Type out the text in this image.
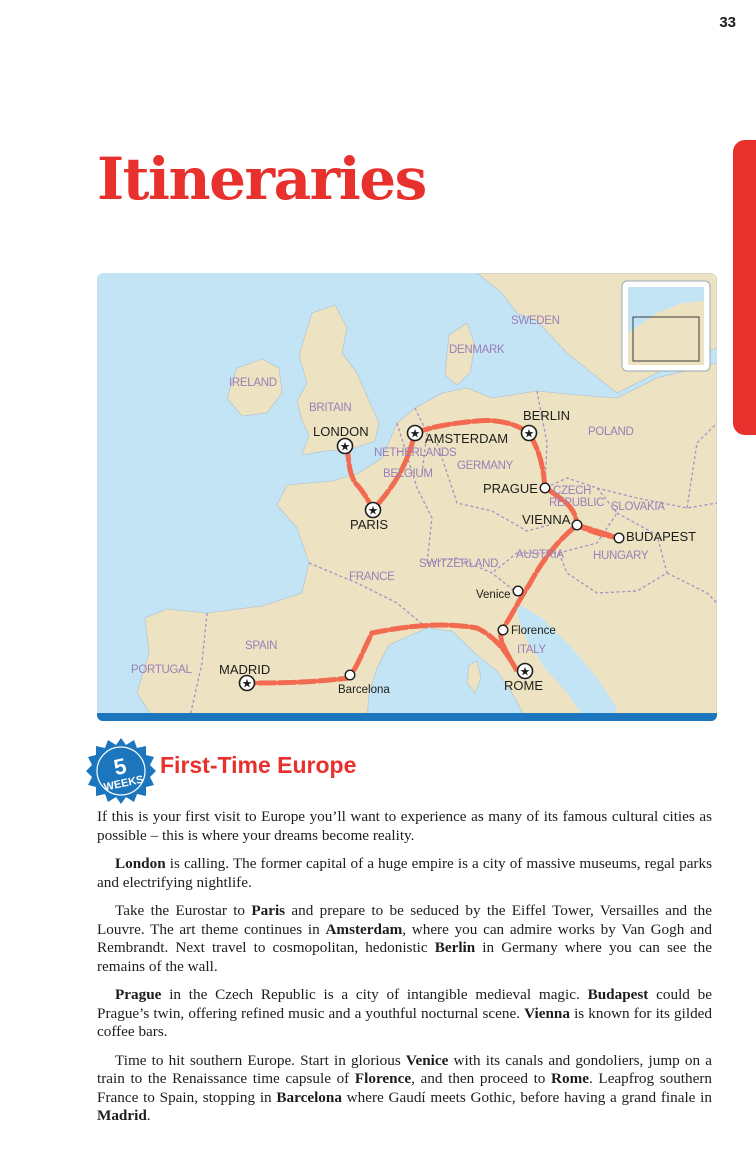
33
Itineraries
SWEDEN
DENMARK
IRELAND
BRITAIN
NETHERLANDS
BELGIUM
GERMANY
POLAND
CZECH
REPUBLIC SLOVAKIA
HUNGARY
AUSTRIA
SWITZERLAND
FRANCE
ITALY
SPAIN
PORTUGAL
★
★	★
★
★
★
LONDON	AMSTERDAM
BERLIN
PARIS
PRAGUE
VIENNA
BUDAPEST
Venice
Florence
ROME
MADRID
Barcelona
5
WEEKS
First-Time Europe

If this is your first visit to Europe you’ll want to experience as many of its famous cultural cities as possible – this is where your dreams become reality.

London is calling. The former capital of a huge empire is a city of massive museums, regal parks and electrifying nightlife.

Take the Eurostar to Paris and prepare to be seduced by the Eiffel Tower, Versailles and the Louvre. The art theme continues in Amsterdam, where you can admire works by Van Gogh and Rembrandt. Next travel to cosmopolitan, hedonistic Berlin in Germany where you can see the remains of the wall.

Prague in the Czech Republic is a city of intangible medieval magic. Budapest could be Prague’s twin, offering refined music and a youthful nocturnal scene. Vienna is known for its gilded coffee bars.

Time to hit southern Europe. Start in glorious Venice with its canals and gondoliers, jump on a train to the Renaissance time capsule of Florence, and then proceed to Rome. Leapfrog southern France to Spain, stopping in Barcelona where Gaudí meets Gothic, before having a grand finale in Madrid.
